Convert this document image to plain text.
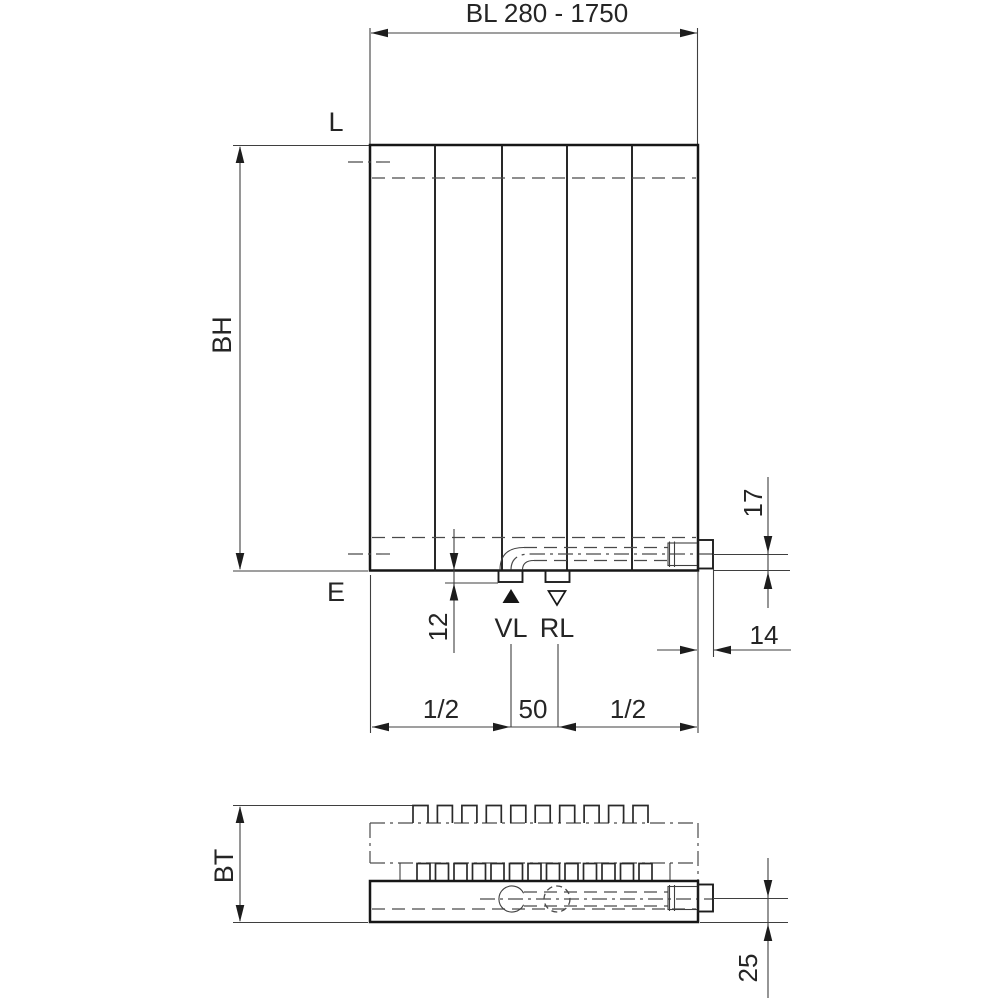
BL 280 - 1750
L
E
BH
17
14
12 VL RL
1/2 50 1/2
BT
25
